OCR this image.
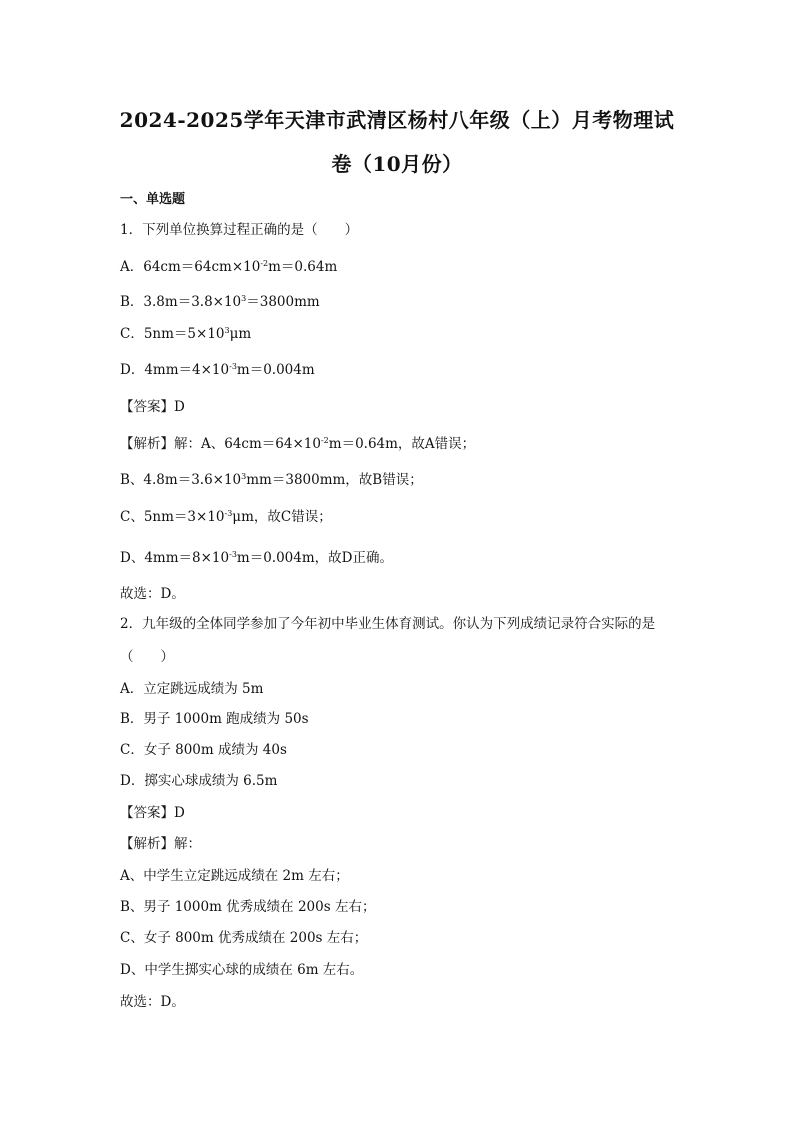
2024-2025学年天津市武清区杨村八年级（上）月考物理试
卷（10月份）
一、单选题
1．下列单位换算过程正确的是（　　）
A．$64cm=64cm\times 10^{-2}m=0.64m$
B．$3.8m=3.8\times 10^3=3800mm$
C．$5nm=5\times 10^3\mu m$
D．$4mm=4\times 10^{-3}m=0.004m$
【答案】D
【解析】解：A、$64cm=64\times 10^{-2}m=0.64m$，故A错误；
B、$4.8m=3.6\times 10^3mm=3800mm$，故B错误；
C、$5nm=3\times 10^{-3}\mu m$，故C错误；
D、$4mm=8\times 10^{-3}m=0.004m$，故D正确。
故选：D。
2．九年级的全体同学参加了今年初中毕业生体育测试。你认为下列成绩记录符合实际的是
（　　）
A．立定跳远成绩为 5m
B．男子 1000m 跑成绩为 50s
C．女子 800m 成绩为 40s
D．掷实心球成绩为 6.5m
【答案】D
【解析】解：
A、中学生立定跳远成绩在 2m 左右；
B、男子 1000m 优秀成绩在 200s 左右；
C、女子 800m 优秀成绩在 200s 左右；
D、中学生掷实心球的成绩在 6m 左右。
故选：D。
